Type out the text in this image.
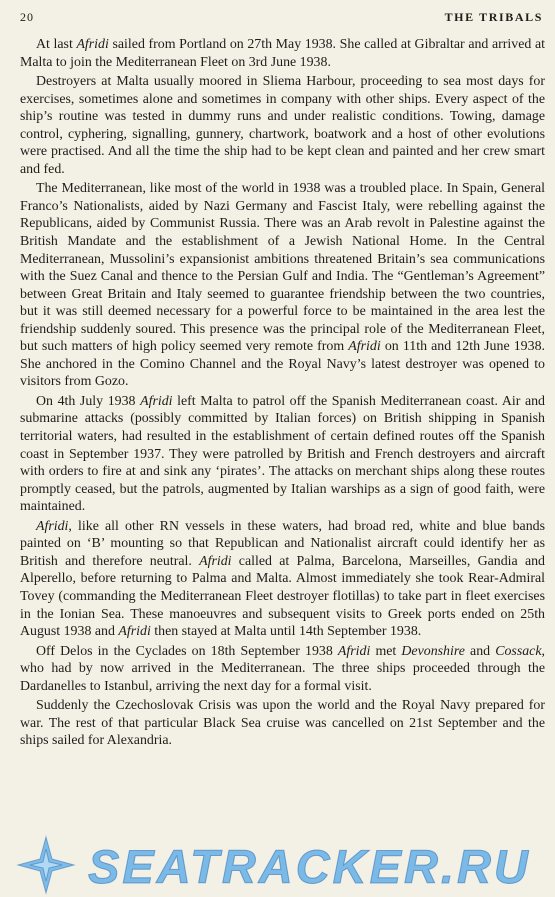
20	THE TRIBALS

At last Afridi sailed from Portland on 27th May 1938. She called at Gibraltar and arrived at Malta to join the Mediterranean Fleet on 3rd June 1938.

Destroyers at Malta usually moored in Sliema Harbour, proceeding to sea most days for exercises, sometimes alone and sometimes in company with other ships. Every aspect of the ship’s routine was tested in dummy runs and under realistic conditions. Towing, damage control, cyphering, signalling, gunnery, chartwork, boatwork and a host of other evolutions were practised. And all the time the ship had to be kept clean and painted and her crew smart and fed.

The Mediterranean, like most of the world in 1938 was a troubled place. In Spain, General Franco’s Nationalists, aided by Nazi Germany and Fascist Italy, were rebelling against the Republicans, aided by Communist Russia. There was an Arab revolt in Palestine against the British Mandate and the establishment of a Jewish National Home. In the Central Mediterranean, Mussolini’s expansionist ambitions threatened Britain’s sea communications with the Suez Canal and thence to the Persian Gulf and India. The “Gentleman’s Agreement” between Great Britain and Italy seemed to guarantee friendship between the two countries, but it was still deemed necessary for a powerful force to be maintained in the area lest the friendship suddenly soured. This presence was the principal role of the Mediterranean Fleet, but such matters of high policy seemed very remote from Afridi on 11th and 12th June 1938. She anchored in the Comino Channel and the Royal Navy’s latest destroyer was opened to visitors from Gozo.

On 4th July 1938 Afridi left Malta to patrol off the Spanish Mediterranean coast. Air and submarine attacks (possibly committed by Italian forces) on British shipping in Spanish territorial waters, had resulted in the establishment of certain defined routes off the Spanish coast in September 1937. They were patrolled by British and French destroyers and aircraft with orders to fire at and sink any ‘pirates’. The attacks on merchant ships along these routes promptly ceased, but the patrols, augmented by Italian warships as a sign of good faith, were maintained.

Afridi, like all other RN vessels in these waters, had broad red, white and blue bands painted on ‘B’ mounting so that Republican and Nationalist aircraft could identify her as British and therefore neutral. Afridi called at Palma, Barcelona, Marseilles, Gandia and Alperello, before returning to Palma and Malta. Almost immediately she took Rear-Admiral Tovey (commanding the Mediterranean Fleet destroyer flotillas) to take part in fleet exercises in the Ionian Sea. These manoeuvres and subsequent visits to Greek ports ended on 25th August 1938 and Afridi then stayed at Malta until 14th September 1938.

Off Delos in the Cyclades on 18th September 1938 Afridi met Devonshire and Cossack, who had by now arrived in the Mediterranean. The three ships proceeded through the Dardanelles to Istanbul, arriving the next day for a formal visit.

Suddenly the Czechoslovak Crisis was upon the world and the Royal Navy prepared for war. The rest of that particular Black Sea cruise was cancelled on 21st September and the ships sailed for Alexandria.

SEATRACKER.RU
